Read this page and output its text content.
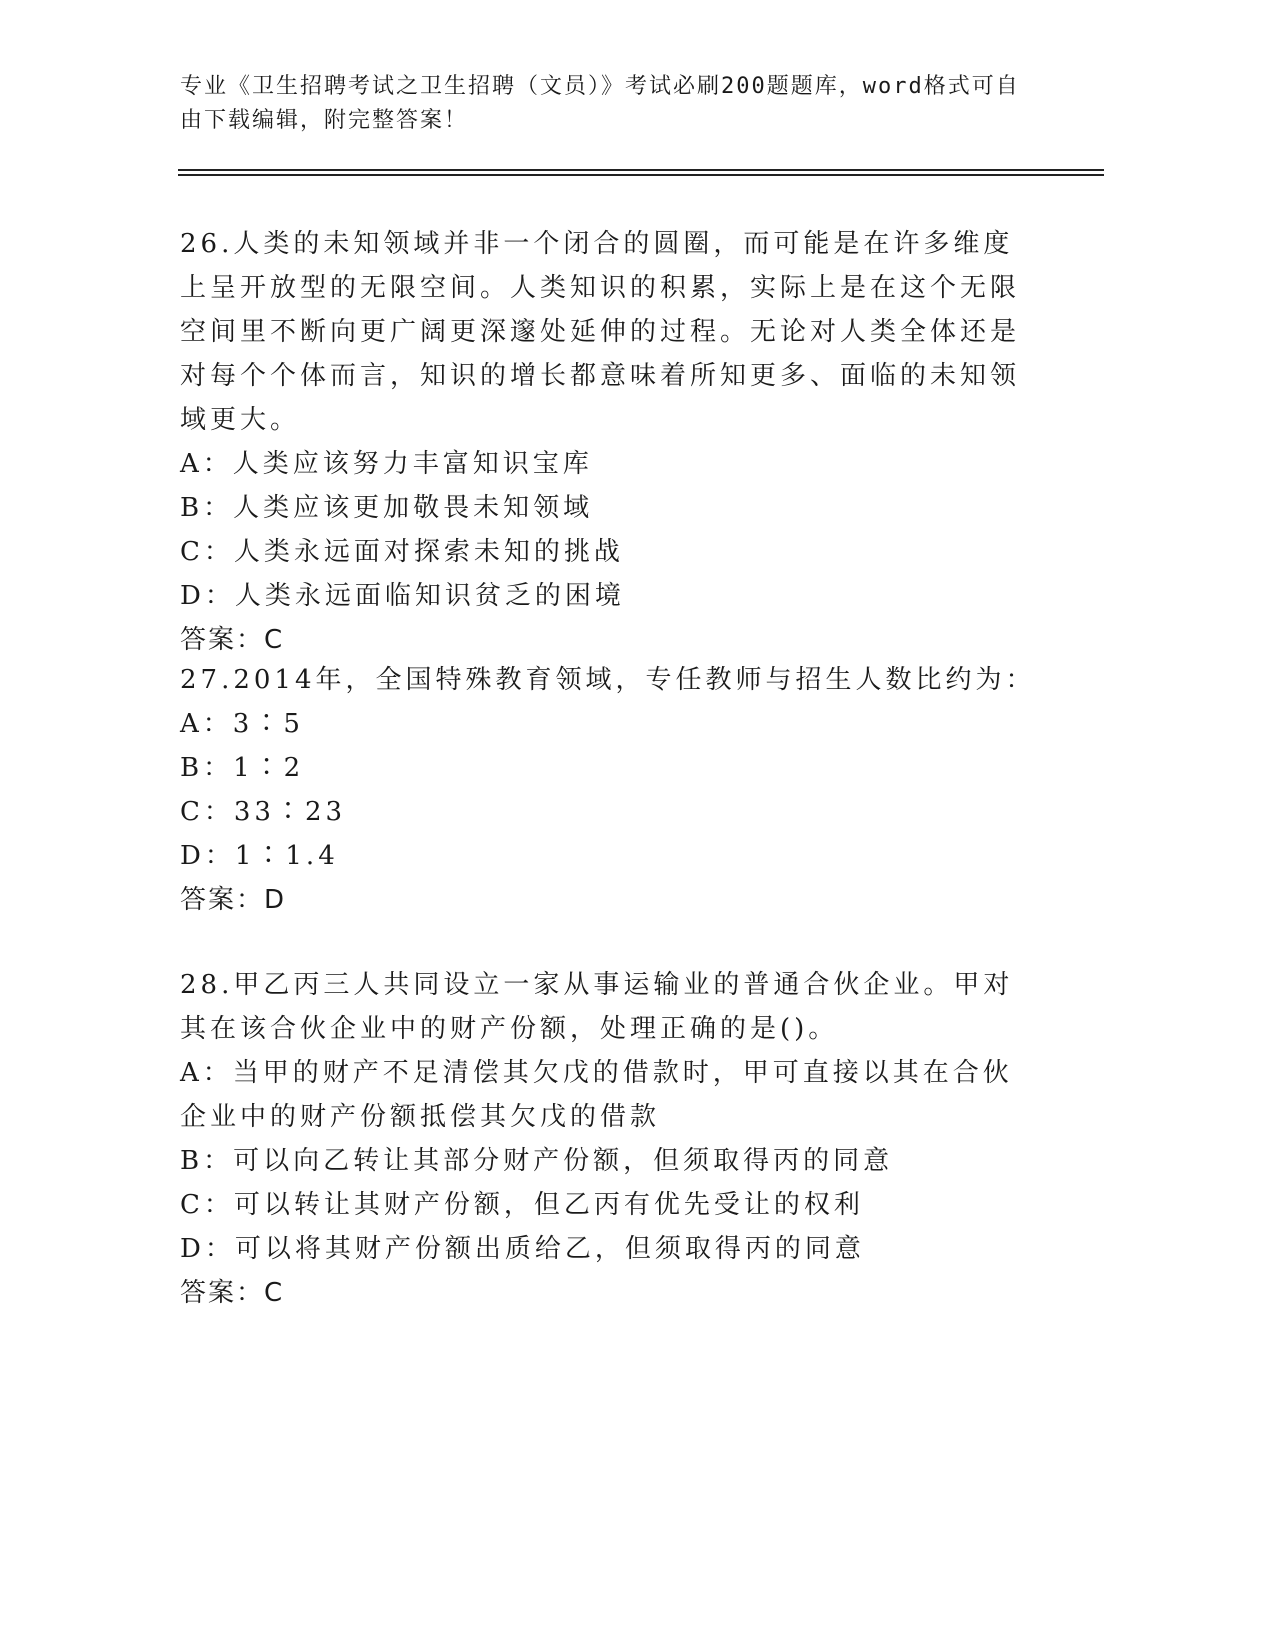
专业《卫生招聘考试之卫生招聘（文员）》考试必刷200题题库，word格式可自由下载编辑，附完整答案！

26.人类的未知领域并非一个闭合的圆圈，而可能是在许多维度上呈开放型的无限空间。人类知识的积累，实际上是在这个无限空间里不断向更广阔更深邃处延伸的过程。无论对人类全体还是对每个个体而言，知识的增长都意味着所知更多、面临的未知领域更大。

A：人类应该努力丰富知识宝库

B：人类应该更加敬畏未知领域

C：人类永远面对探索未知的挑战

D：人类永远面临知识贫乏的困境

答案：C

27.2014年，全国特殊教育领域，专任教师与招生人数比约为：

A：3∶5

B：1∶2

C：33∶23

D：1∶1.4

答案：D

28.甲乙丙三人共同设立一家从事运输业的普通合伙企业。甲对其在该合伙企业中的财产份额，处理正确的是()。

A：当甲的财产不足清偿其欠戊的借款时，甲可直接以其在合伙企业中的财产份额抵偿其欠戊的借款

B：可以向乙转让其部分财产份额，但须取得丙的同意

C：可以转让其财产份额，但乙丙有优先受让的权利

D：可以将其财产份额出质给乙，但须取得丙的同意

答案：C
